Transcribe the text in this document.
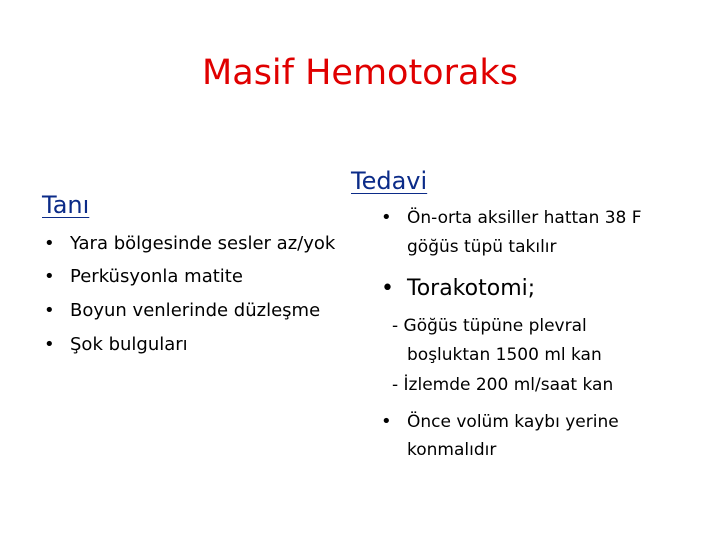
Masif Hemotoraks
Tanı
• Yara bölgesinde sesler az/yok
• Perküsyonla matite
• Boyun venlerinde düzleşme
• Şok bulguları
Tedavi
• Ön-orta aksiller hattan 38 F
göğüs tüpü takılır
• Torakotomi;
- Göğüs tüpüne plevral
boşluktan 1500 ml kan
- İzlemde 200 ml/saat kan
• Önce volüm kaybı yerine
konmalıdır
